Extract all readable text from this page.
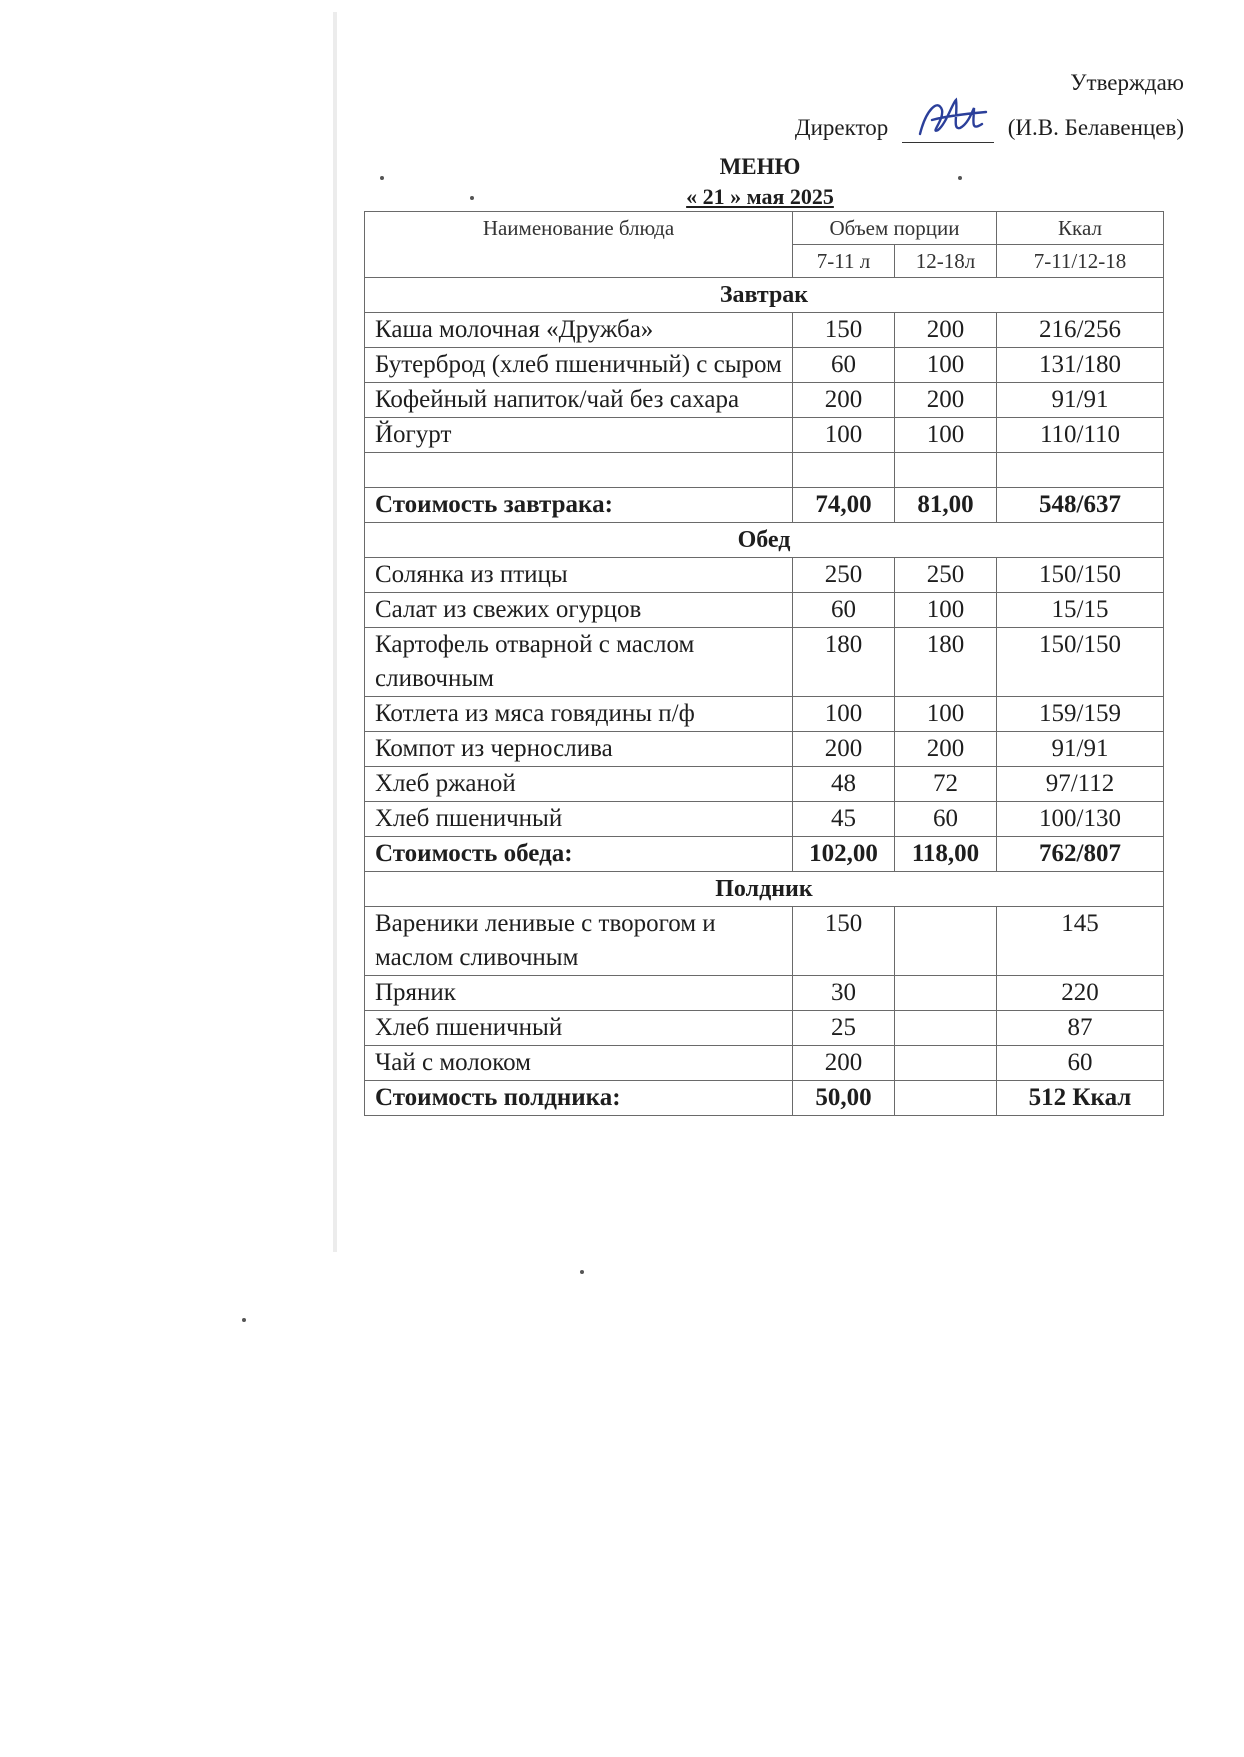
Утверждаю
Директор	(И.В. Белавенцев)
МЕНЮ
« 21 » мая 2025
Наименование блюда	Объем порции		Ккал
	7-11 л	12-18л	7-11/12-18
Завтрак			
Каша молочная «Дружба»	150	200	216/256
Бутерброд (хлеб пшеничный) с сыром	60	100	131/180
Кофейный напиток/чай без сахара	200	200	91/91
Йогурт	100	100	110/110

Стоимость завтрака:	74,00	81,00	548/637
Обед			
Солянка из птицы	250	250	150/150
Салат из свежих огурцов	60	100	15/15
Картофель отварной с маслом сливочным	180	180	150/150
Котлета из мяса говядины п/ф	100	100	159/159
Компот из чернослива	200	200	91/91
Хлеб ржаной	48	72	97/112
Хлеб пшеничный	45	60	100/130
Стоимость обеда:	102,00	118,00	762/807
Полдник			
Вареники ленивые с творогом и маслом сливочным	150		145
Пряник	30		220
Хлеб пшеничный	25		87
Чай с молоком	200		60
Стоимость полдника:	50,00		512 Ккал
